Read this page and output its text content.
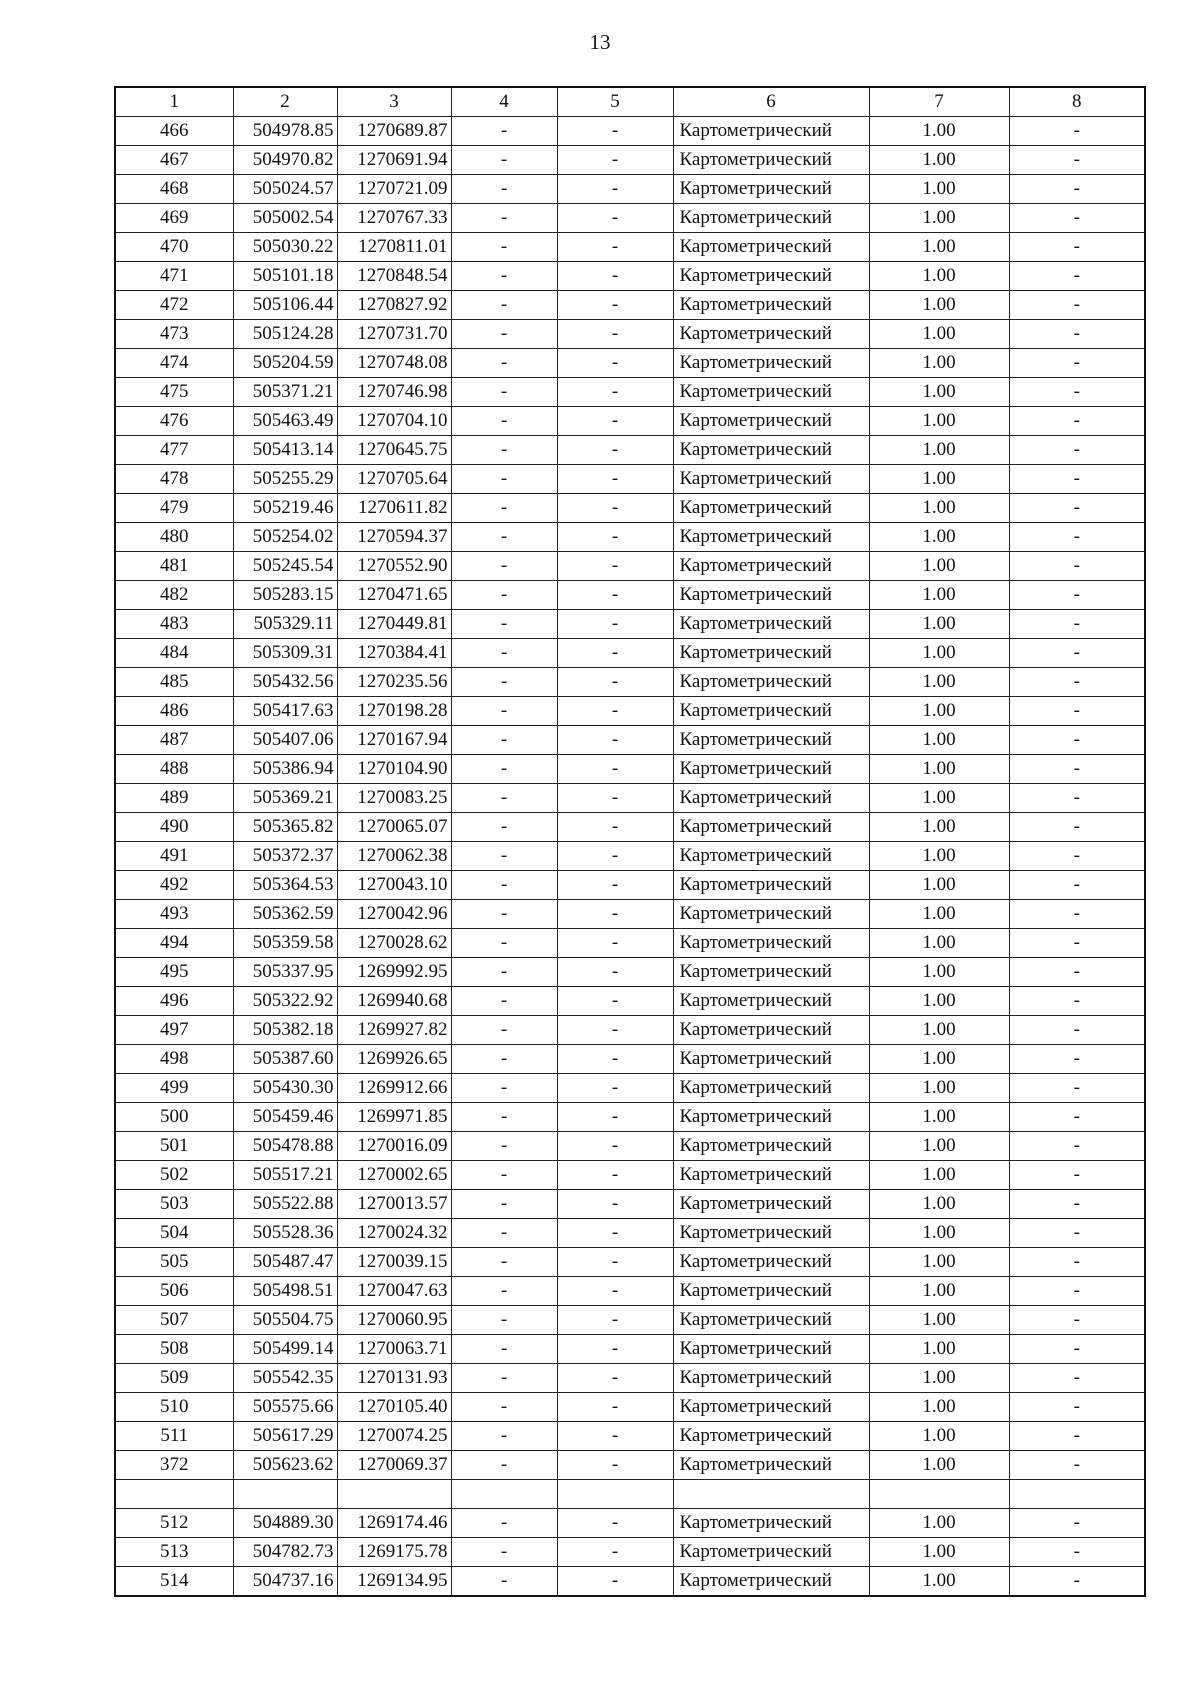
13
1	2	3	4	5	6	7	8
466	504978.85	1270689.87	-	-	Картометрический	1.00	-
467	504970.82	1270691.94	-	-	Картометрический	1.00	-
468	505024.57	1270721.09	-	-	Картометрический	1.00	-
469	505002.54	1270767.33	-	-	Картометрический	1.00	-
470	505030.22	1270811.01	-	-	Картометрический	1.00	-
471	505101.18	1270848.54	-	-	Картометрический	1.00	-
472	505106.44	1270827.92	-	-	Картометрический	1.00	-
473	505124.28	1270731.70	-	-	Картометрический	1.00	-
474	505204.59	1270748.08	-	-	Картометрический	1.00	-
475	505371.21	1270746.98	-	-	Картометрический	1.00	-
476	505463.49	1270704.10	-	-	Картометрический	1.00	-
477	505413.14	1270645.75	-	-	Картометрический	1.00	-
478	505255.29	1270705.64	-	-	Картометрический	1.00	-
479	505219.46	1270611.82	-	-	Картометрический	1.00	-
480	505254.02	1270594.37	-	-	Картометрический	1.00	-
481	505245.54	1270552.90	-	-	Картометрический	1.00	-
482	505283.15	1270471.65	-	-	Картометрический	1.00	-
483	505329.11	1270449.81	-	-	Картометрический	1.00	-
484	505309.31	1270384.41	-	-	Картометрический	1.00	-
485	505432.56	1270235.56	-	-	Картометрический	1.00	-
486	505417.63	1270198.28	-	-	Картометрический	1.00	-
487	505407.06	1270167.94	-	-	Картометрический	1.00	-
488	505386.94	1270104.90	-	-	Картометрический	1.00	-
489	505369.21	1270083.25	-	-	Картометрический	1.00	-
490	505365.82	1270065.07	-	-	Картометрический	1.00	-
491	505372.37	1270062.38	-	-	Картометрический	1.00	-
492	505364.53	1270043.10	-	-	Картометрический	1.00	-
493	505362.59	1270042.96	-	-	Картометрический	1.00	-
494	505359.58	1270028.62	-	-	Картометрический	1.00	-
495	505337.95	1269992.95	-	-	Картометрический	1.00	-
496	505322.92	1269940.68	-	-	Картометрический	1.00	-
497	505382.18	1269927.82	-	-	Картометрический	1.00	-
498	505387.60	1269926.65	-	-	Картометрический	1.00	-
499	505430.30	1269912.66	-	-	Картометрический	1.00	-
500	505459.46	1269971.85	-	-	Картометрический	1.00	-
501	505478.88	1270016.09	-	-	Картометрический	1.00	-
502	505517.21	1270002.65	-	-	Картометрический	1.00	-
503	505522.88	1270013.57	-	-	Картометрический	1.00	-
504	505528.36	1270024.32	-	-	Картометрический	1.00	-
505	505487.47	1270039.15	-	-	Картометрический	1.00	-
506	505498.51	1270047.63	-	-	Картометрический	1.00	-
507	505504.75	1270060.95	-	-	Картометрический	1.00	-
508	505499.14	1270063.71	-	-	Картометрический	1.00	-
509	505542.35	1270131.93	-	-	Картометрический	1.00	-
510	505575.66	1270105.40	-	-	Картометрический	1.00	-
511	505617.29	1270074.25	-	-	Картометрический	1.00	-
372	505623.62	1270069.37	-	-	Картометрический	1.00	-

512	504889.30	1269174.46	-	-	Картометрический	1.00	-
513	504782.73	1269175.78	-	-	Картометрический	1.00	-
514	504737.16	1269134.95	-	-	Картометрический	1.00	-
